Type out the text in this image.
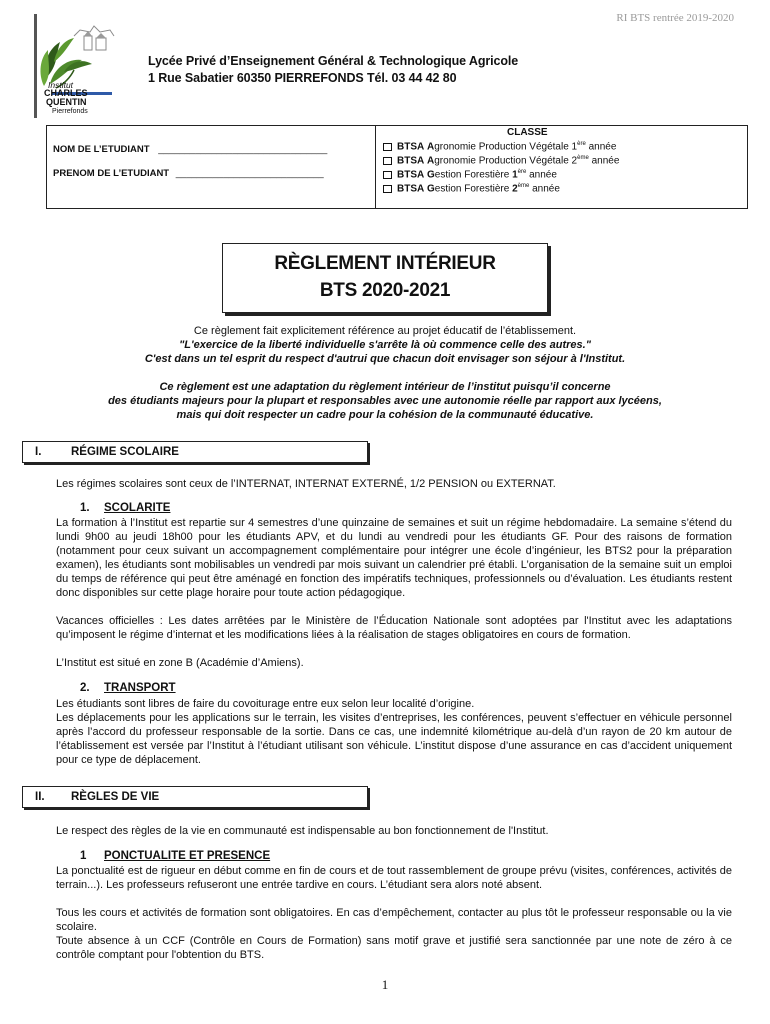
RI BTS rentrée 2019-2020
Institut
CHARLES
QUENTIN
Pierrefonds
Lycée Privé d’Enseignement Général & Technologique Agricole
1 Rue Sabatier 60350 PIERREFONDS Tél. 03 44 42 80
NOM DE L’ETUDIANT ________________________________
PRENOM DE L’ETUDIANT ____________________________
CLASSE
BTSA Agronomie Production Végétale 1ère année
BTSA Agronomie Production Végétale 2ème année
BTSA Gestion Forestière 1ère année
BTSA Gestion Forestière 2ème année
RÈGLEMENT INTÉRIEUR
BTS 2020-2021
Ce règlement fait explicitement référence au projet éducatif de l’établissement.
"L'exercice de la liberté individuelle s'arrête là où commence celle des autres."
C'est dans un tel esprit du respect d'autrui que chacun doit envisager son séjour à l'Institut.
Ce règlement est une adaptation du règlement intérieur de l’institut puisqu’il concerne
des étudiants majeurs pour la plupart et responsables avec une autonomie réelle par rapport aux lycéens,
mais qui doit respecter un cadre pour la cohésion de la communauté éducative.
I.	RÉGIME SCOLAIRE
Les régimes scolaires sont ceux de l’INTERNAT, INTERNAT EXTERNÉ, 1/2 PENSION ou EXTERNAT.
1. SCOLARITE
La formation à l’Institut est repartie sur 4 semestres d’une quinzaine de semaines et suit un régime hebdomadaire. La semaine s’étend du lundi 9h00 au jeudi 18h00 pour les étudiants APV, et du lundi au vendredi pour les étudiants GF. Pour des raisons de formation (notamment pour ceux suivant un accompagnement complémentaire pour intégrer une école d’ingénieur, les BTS2 pour la préparation examen), les étudiants sont mobilisables un vendredi par mois suivant un calendrier pré établi. L’organisation de la semaine suit un emploi du temps de référence qui peut être aménagé en fonction des impératifs techniques, professionnels ou d’évaluation. Les étudiants restent donc disponibles sur cette plage horaire pour toute action pédagogique.
Vacances officielles : Les dates arrêtées par le Ministère de l’Éducation Nationale sont adoptées par l'Institut avec les adaptations qu’imposent le régime d’internat et les modifications liées à la réalisation de stages obligatoires en cours de formation.
L’Institut est situé en zone B (Académie d’Amiens).
2. TRANSPORT
Les étudiants sont libres de faire du covoiturage entre eux selon leur localité d’origine.
Les déplacements pour les applications sur le terrain, les visites d’entreprises, les conférences, peuvent s’effectuer en véhicule personnel après l’accord du professeur responsable de la sortie. Dans ce cas, une indemnité kilométrique au-delà d’un rayon de 20 km autour de l’établissement est versée par l’Institut à l’étudiant utilisant son véhicule. L’institut dispose d’une assurance en cas d’accident uniquement pour ce type de déplacement.
II. RÈGLES DE VIE
Le respect des règles de la vie en communauté est indispensable au bon fonctionnement de l'Institut.
1 PONCTUALITE ET PRESENCE
La ponctualité est de rigueur en début comme en fin de cours et de tout rassemblement de groupe prévu (visites, conférences, activités de terrain...). Les professeurs refuseront une entrée tardive en cours. L’étudiant sera alors noté absent.
Tous les cours et activités de formation sont obligatoires. En cas d’empêchement, contacter au plus tôt le professeur responsable ou la vie scolaire.
Toute absence à un CCF (Contrôle en Cours de Formation) sans motif grave et justifié sera sanctionnée par une note de zéro à ce contrôle comptant pour l'obtention du BTS.
1
